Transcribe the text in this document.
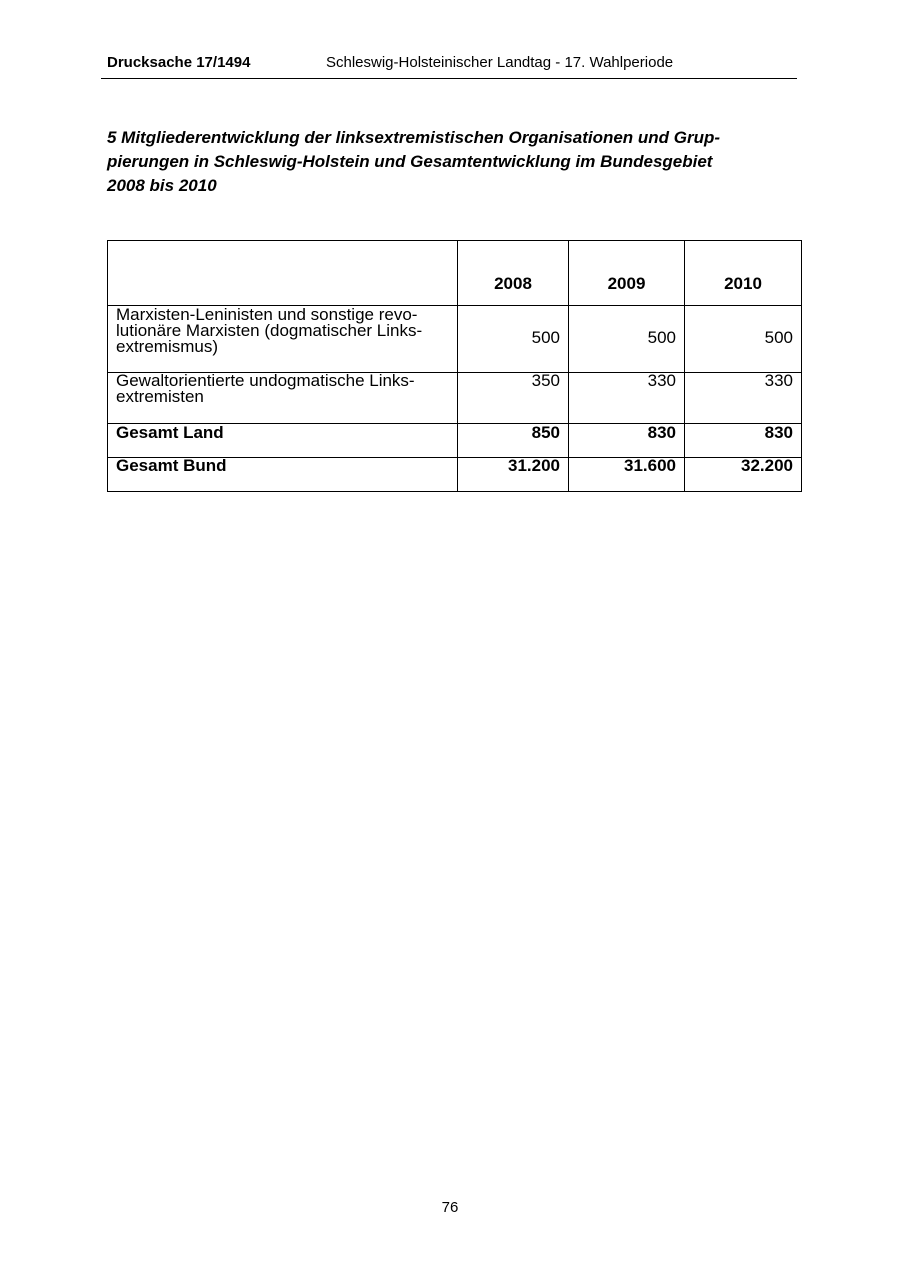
Drucksache 17/1494	Schleswig-Holsteinischer Landtag - 17. Wahlperiode
5 Mitgliederentwicklung der linksextremistischen Organisationen und Grup-
pierungen in Schleswig-Holstein und Gesamtentwicklung im Bundesgebiet
2008 bis 2010
	2008	2009	2010
Marxisten-Leninisten und sonstige revo-
lutionäre Marxisten (dogmatischer Links-
extremismus)	500	500	500
Gewaltorientierte undogmatische Links-
extremisten	350	330	330
Gesamt Land	850	830	830
Gesamt Bund	31.200	31.600	32.200
76
